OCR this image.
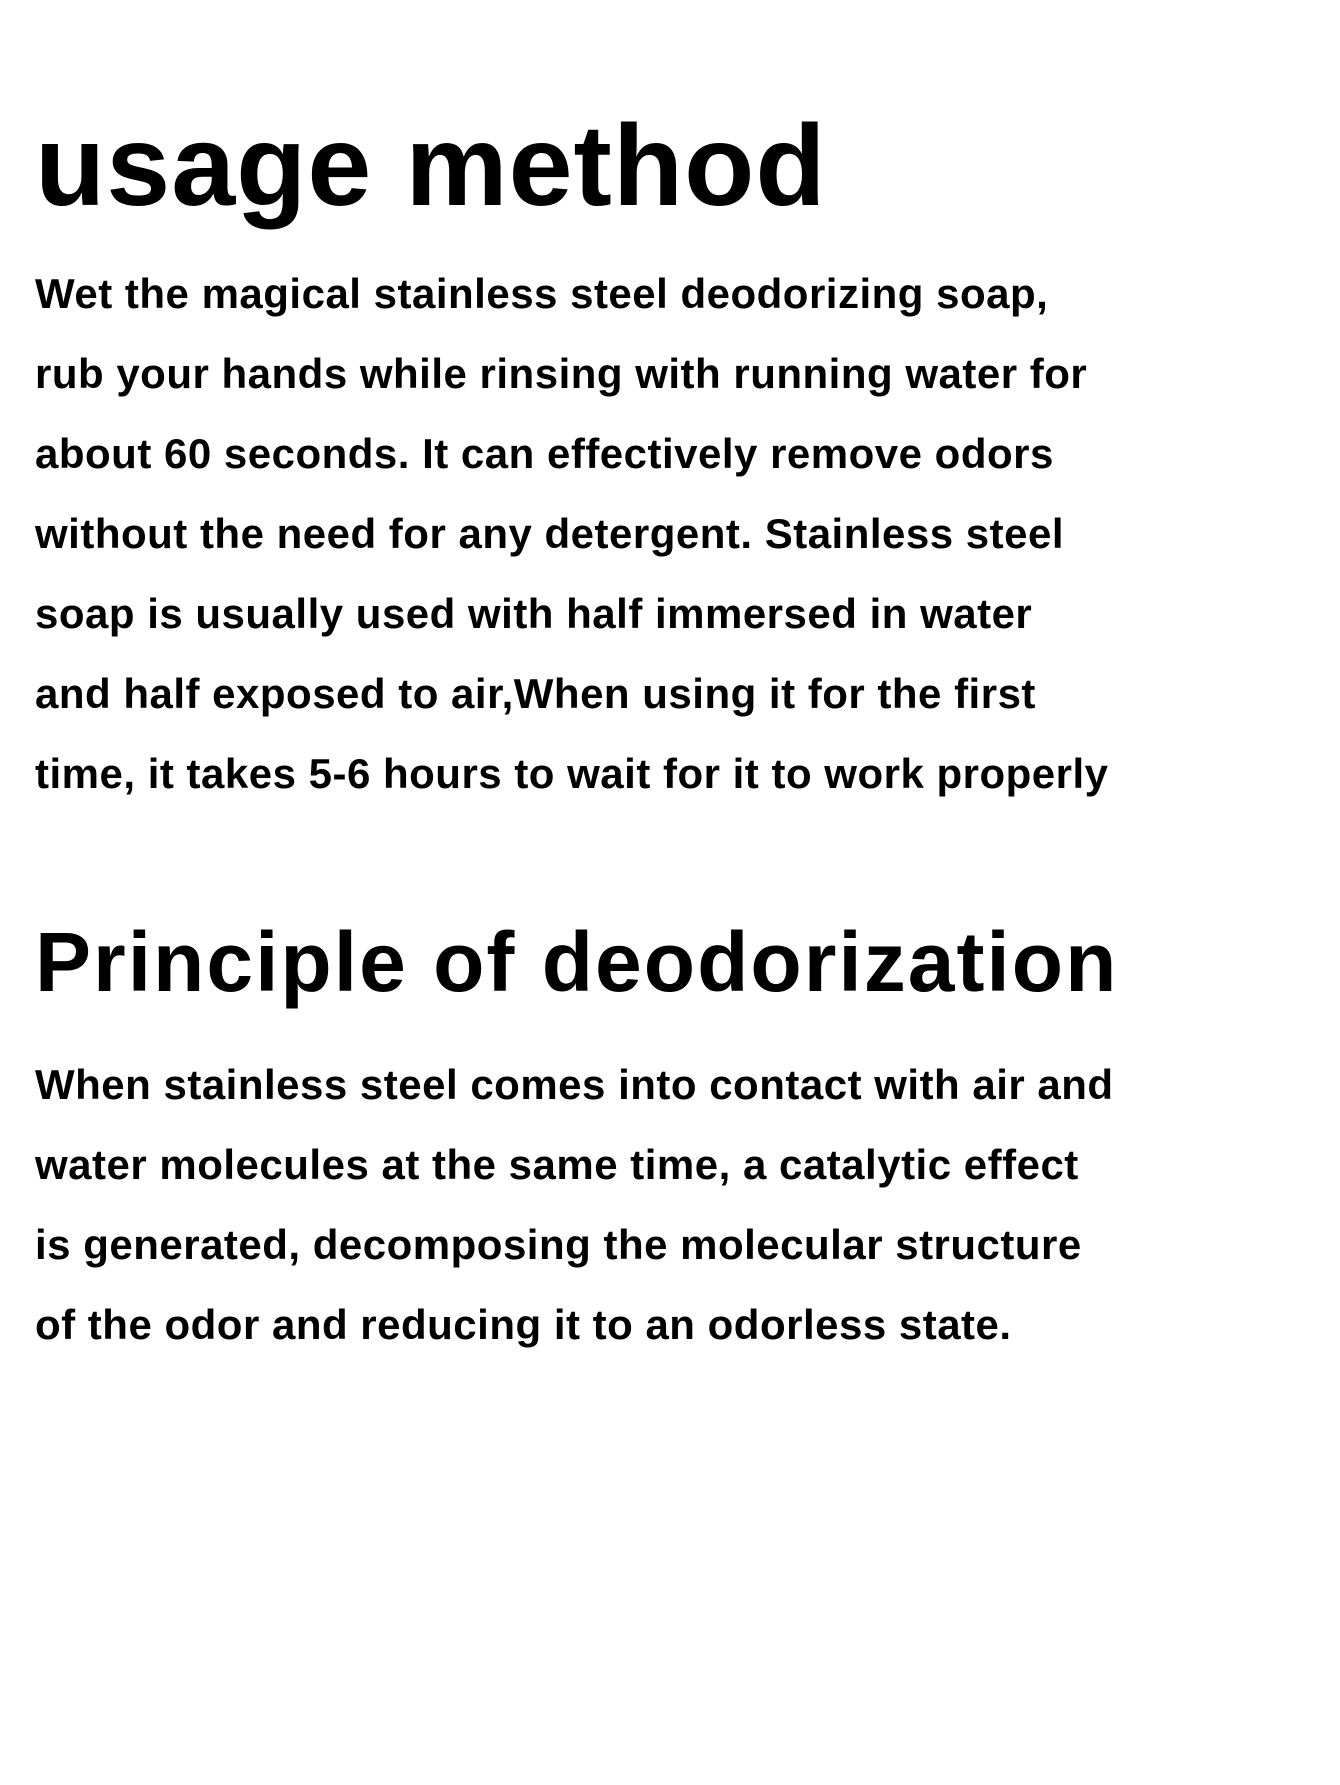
usage method
Wet the magical stainless steel deodorizing soap,
rub your hands while rinsing with running water for
about 60 seconds. It can effectively remove odors
without the need for any detergent. Stainless steel
soap is usually used with half immersed in water
and half exposed to air,When using it for the first
time, it takes 5-6 hours to wait for it to work properly
Principle of deodorization
When stainless steel comes into contact with air and
water molecules at the same time, a catalytic effect
is generated, decomposing the molecular structure
of the odor and reducing it to an odorless state.
